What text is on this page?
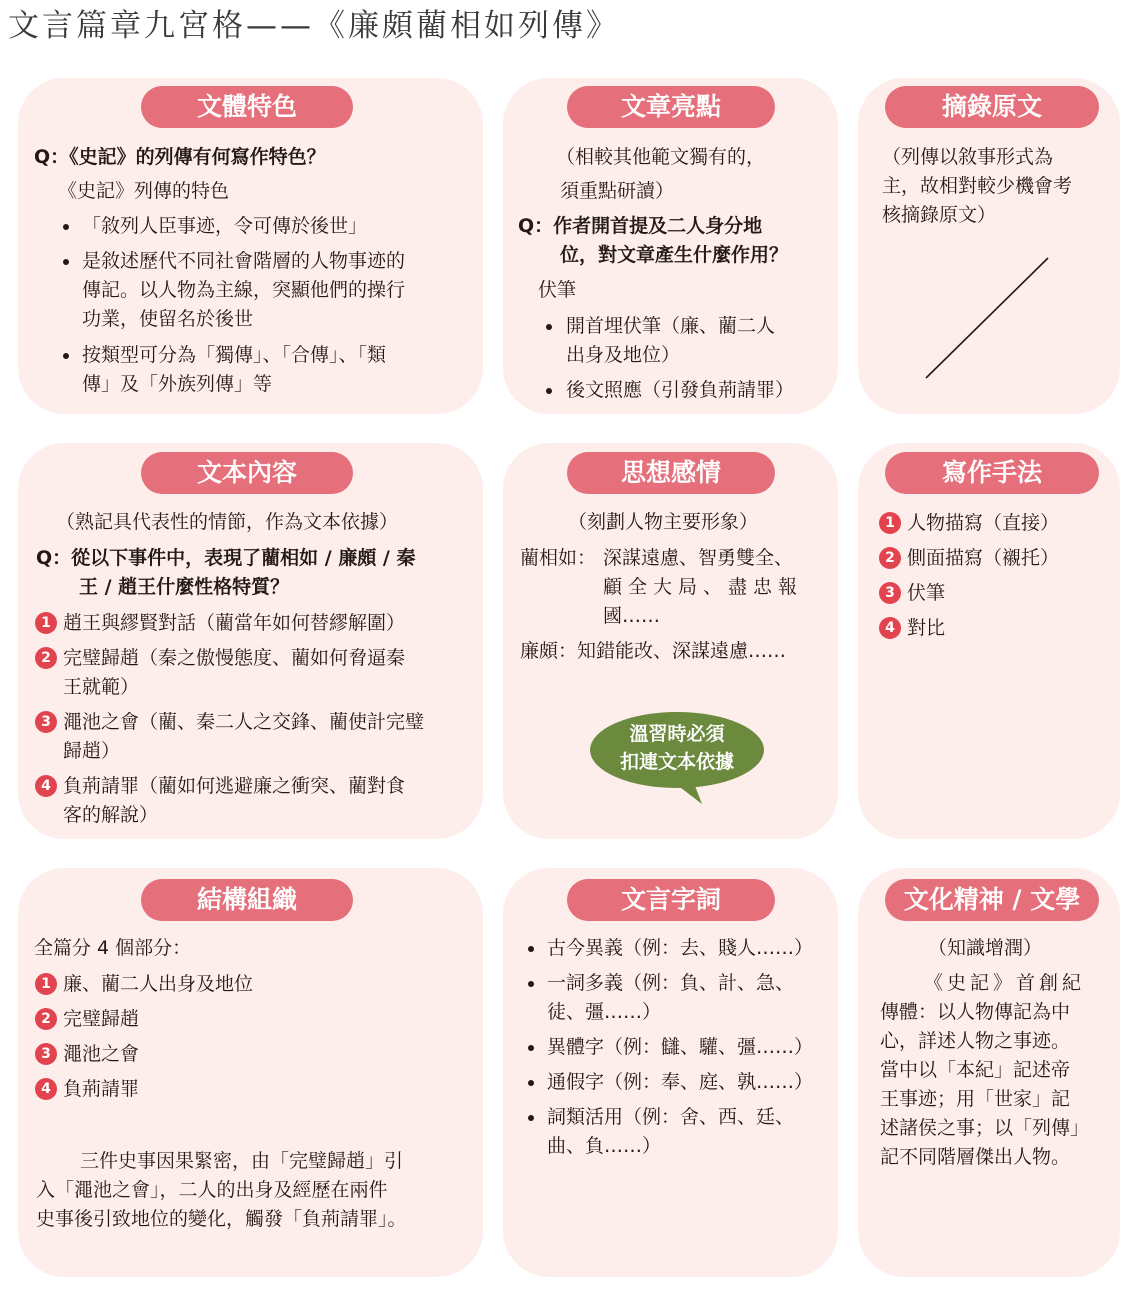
文言篇章九宮格——《廉頗藺相如列傳》
文體特色
Q：《史記》的列傳有何寫作特色？
《史記》列傳的特色
「敘列人臣事迹，令可傳於後世」
是敘述歷代不同社會階層的人物事迹的
傳記。以人物為主線，突顯他們的操行
功業，使留名於後世
按類型可分為「獨傳」、「合傳」、「類
傳」及「外族列傳」等
文章亮點
（相較其他範文獨有的，
須重點研讀）
Q：作者開首提及二人身分地
位，對文章產生什麼作用？
伏筆
開首埋伏筆（廉、藺二人
出身及地位）
後文照應（引發負荊請罪）
摘錄原文
（列傳以敘事形式為
主，故相對較少機會考
核摘錄原文）
文本內容
（熟記具代表性的情節，作為文本依據）
Q：從以下事件中，表現了藺相如 / 廉頗 / 秦
王 / 趙王什麼性格特質？
1 趙王與繆賢對話（藺當年如何替繆解圍）
2 完璧歸趙（秦之傲慢態度、藺如何脅逼秦
王就範）
3 澠池之會（藺、秦二人之交鋒、藺使計完璧
歸趙）
4 負荊請罪（藺如何逃避廉之衝突、藺對食
客的解說）
思想感情
（刻劃人物主要形象）
藺相如： 深謀遠慮、智勇雙全、
顧全大局、盡忠報
國……
廉頗：知錯能改、深謀遠慮……
溫習時必須
扣連文本依據
寫作手法
1 人物描寫（直接）
2 側面描寫（襯托）
3 伏筆
4 對比
結構組織
全篇分 4 個部分：
1 廉、藺二人出身及地位
2 完璧歸趙
3 澠池之會
4 負荊請罪
三件史事因果緊密，由「完璧歸趙」引
入「澠池之會」，二人的出身及經歷在兩件
史事後引致地位的變化，觸發「負荊請罪」。
文言字詞
古今異義（例：去、賤人……）
一詞多義（例：負、計、急、
徒、彊……）
異體字（例：讎、驩、彊……）
通假字（例：奉、庭、孰……）
詞類活用（例：舍、西、廷、
曲、負……）
文化精神 / 文學
（知識增潤）
《史記》首創紀
傳體：以人物傳記為中
心，詳述人物之事迹。
當中以「本紀」記述帝
王事迹；用「世家」記
述諸侯之事；以「列傳」
記不同階層傑出人物。
